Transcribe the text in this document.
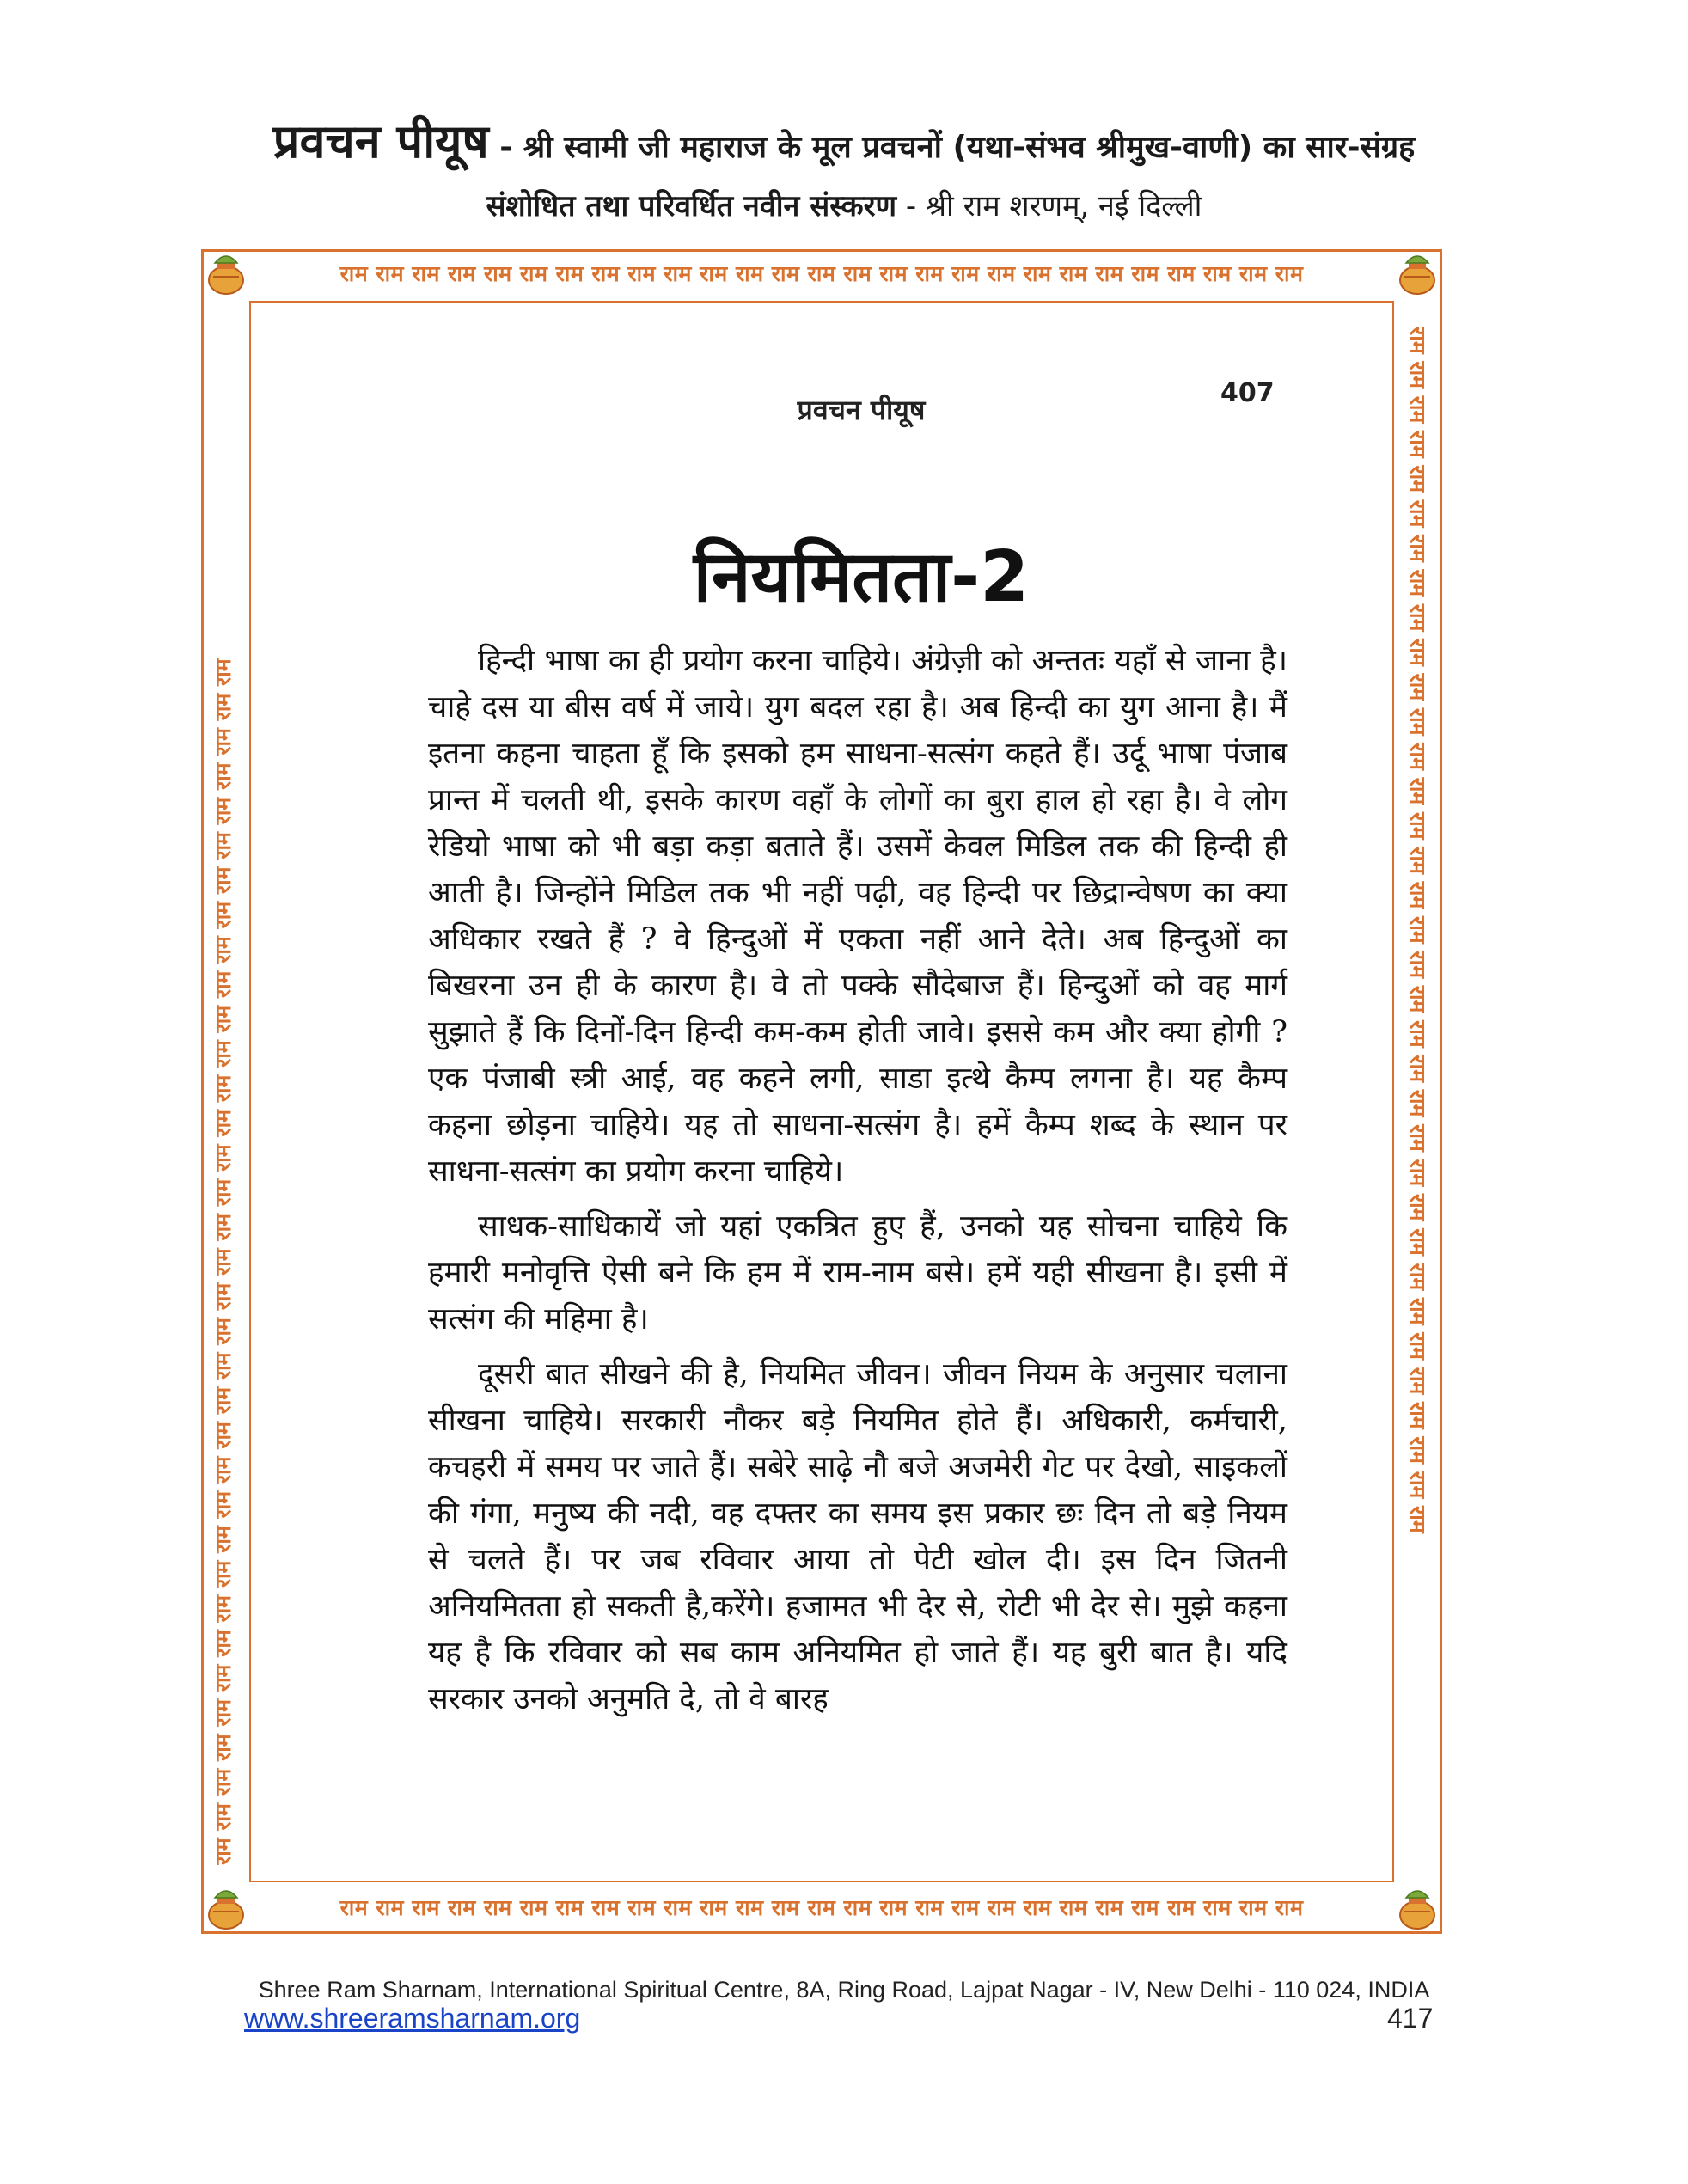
प्रवचन पीयूष - श्री स्वामी जी महाराज के मूल प्रवचनों (यथा-संभव श्रीमुख-वाणी) का सार-संग्रह
संशोधित तथा परिवर्धित नवीन संस्करण - श्री राम शरणम्, नई दिल्ली
राम राम राम राम राम राम राम राम राम राम राम राम राम राम राम राम राम राम राम राम राम राम राम राम राम राम राम
राम राम राम राम राम राम राम राम राम राम राम राम राम राम राम राम राम राम राम राम राम राम राम राम राम राम राम
राम राम राम राम राम राम राम राम राम राम राम राम राम राम राम राम राम राम राम राम राम राम राम राम राम राम राम राम राम राम राम राम राम राम राम	राम राम राम राम राम राम राम राम राम राम राम राम राम राम राम राम राम राम राम राम राम राम राम राम राम राम राम राम राम राम राम राम राम राम राम
प्रवचन पीयूष
407
नियमितता-2

हिन्दी भाषा का ही प्रयोग करना चाहिये। अंग्रेज़ी को अन्ततः यहाँ से जाना है। चाहे दस या बीस वर्ष में जाये। युग बदल रहा है। अब हिन्दी का युग आना है। मैं इतना कहना चाहता हूँ कि इसको हम साधना-सत्संग कहते हैं। उर्दू भाषा पंजाब प्रान्त में चलती थी, इसके कारण वहाँ के लोगों का बुरा हाल हो रहा है। वे लोग रेडियो भाषा को भी बड़ा कड़ा बताते हैं। उसमें केवल मिडिल तक की हिन्दी ही आती है। जिन्होंने मिडिल तक भी नहीं पढ़ी, वह हिन्दी पर छिद्रान्वेषण का क्या अधिकार रखते हैं ? वे हिन्दुओं में एकता नहीं आने देते। अब हिन्दुओं का बिखरना उन ही के कारण है। वे तो पक्के सौदेबाज हैं। हिन्दुओं को वह मार्ग सुझाते हैं कि दिनों-दिन हिन्दी कम-कम होती जावे। इससे कम और क्या होगी ? एक पंजाबी स्त्री आई, वह कहने लगी, साडा इत्थे कैम्प लगना है। यह कैम्प कहना छोड़ना चाहिये। यह तो साधना-सत्संग है। हमें कैम्प शब्द के स्थान पर साधना-सत्संग का प्रयोग करना चाहिये।

साधक-साधिकायें जो यहां एकत्रित हुए हैं, उनको यह सोचना चाहिये कि हमारी मनोवृत्ति ऐसी बने कि हम में राम-नाम बसे। हमें यही सीखना है। इसी में सत्संग की महिमा है।

दूसरी बात सीखने की है, नियमित जीवन। जीवन नियम के अनुसार चलाना सीखना चाहिये। सरकारी नौकर बड़े नियमित होते हैं। अधिकारी, कर्मचारी, कचहरी में समय पर जाते हैं। सबेरे साढ़े नौ बजे अजमेरी गेट पर देखो, साइकलों की गंगा, मनुष्य की नदी, वह दफ्तर का समय इस प्रकार छः दिन तो बड़े नियम से चलते हैं। पर जब रविवार आया तो पेटी खोल दी। इस दिन जितनी अनियमितता हो सकती है,करेंगे। हजामत भी देर से, रोटी भी देर से। मुझे कहना यह है कि रविवार को सब काम अनियमित हो जाते हैं। यह बुरी बात है। यदि सरकार उनको अनुमति दे, तो वे बारह

Shree Ram Sharnam, International Spiritual Centre, 8A, Ring Road, Lajpat Nagar - IV, New Delhi - 110 024, INDIA
www.shreeramsharnam.org	417
